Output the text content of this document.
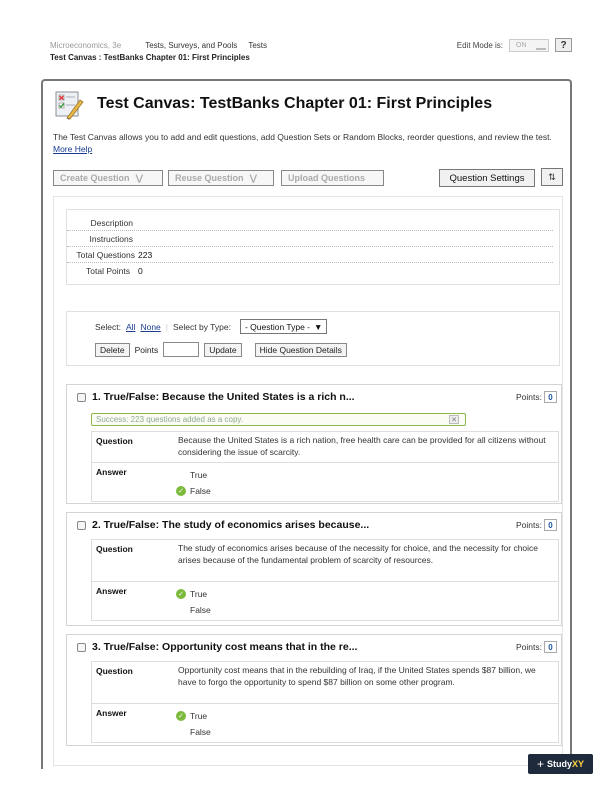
Microeconomics, 3e	Tests, Surveys, and Pools Tests
Test Canvas : TestBanks Chapter 01: First Principles
Edit Mode is: ON	?
Test Canvas: TestBanks Chapter 01: First Principles
The Test Canvas allows you to add and edit questions, add Question Sets or Random Blocks, reorder questions, and review the test. More Help
Create Question ⋁	Reuse Question ⋁	Upload Questions	Question Settings	⇅
Description
Instructions
Total Questions 223
Total Points 0
Select: All None | Select by Type: - Question Type - ▼
Delete	Points	Update	Hide Question Details
1. True/False: Because the United States is a rich n...	Points: 0
Success: 223 questions added as a copy.	✕
Question	Because the United States is a rich nation, free health care can be provided for all citizens without considering the issue of scarcity.
Answer	True
✓ False
2. True/False: The study of economics arises because...	Points: 0
Question	The study of economics arises because of the necessity for choice, and the necessity for choice arises because of the fundamental problem of scarcity of resources.
Answer	✓ True
False
3. True/False: Opportunity cost means that in the re...	Points: 0
Question	Opportunity cost means that in the rebuilding of Iraq, if the United States spends $87 billion, we have to forgo the opportunity to spend $87 billion on some other program.
Answer	✓ True
False
+ Study XY
